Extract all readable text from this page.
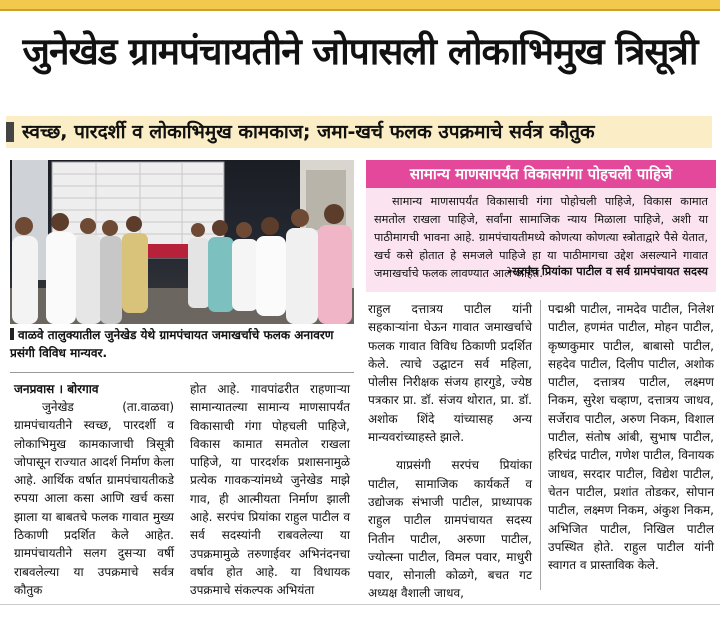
जुनेखेड ग्रामपंचायतीने जोपासली लोकाभिमुख त्रिसूत्री
स्वच्छ, पारदर्शी व लोकाभिमुख कामकाज; जमा-खर्च फलक उपक्रमाचे सर्वत्र कौतुक
वाळवे तालुक्यातील जुनेखेड येथे ग्रामपंचायत जमाखर्चाचे फलक अनावरण प्रसंगी विविध मान्यवर.
जनप्रवास । बोरगाव

जुनेखेड (ता.वाळवा) ग्रामपंचायतीने स्वच्छ, पारदर्शी व लोकाभिमुख कामकाजाची त्रिसूत्री जोपासून राज्यात आदर्श निर्माण केला आहे. आर्थिक वर्षात ग्रामपंचायतीकडे रुपया आला कसा आणि खर्च कसा झाला या बाबतचे फलक गावात मुख्य ठिकाणी प्रदर्शित केले आहेत. ग्रामपंचायतीने सलग दुसऱ्या वर्षी राबवलेल्या या उपक्रमाचे सर्वत्र कौतुक

होत आहे. गावपांढरीत राहणाऱ्या सामान्यातल्या सामान्य माणसापर्यंत विकासाची गंगा पोहचली पाहिजे, विकास कामात समतोल राखला पाहिजे, या पारदर्शक प्रशासनामुळे प्रत्येक गावकऱ्यांमध्ये जुनेखेड माझे गाव, ही आत्मीयता निर्माण झाली आहे. सरपंच प्रियांका राहुल पाटील व सर्व सदस्यांनी राबवलेल्या या उपक्रमामुळे तरुणाईवर अभिनंदनचा वर्षाव होत आहे. या विधायक उपक्रमाचे संकल्पक अभियंता

सामान्य माणसापर्यंत विकासगंगा पोहचली पाहिजे
सामान्य माणसापर्यंत विकासाची गंगा पोहोचली पाहिजे, विकास कामात समतोल राखला पाहिजे, सर्वांना सामाजिक न्याय मिळाला पाहिजे, अशी या पाठीमागची भावना आहे. ग्रामपंचायतीमध्ये कोणत्या कोणत्या स्त्रोताद्वारे पैसे येतात, खर्च कसे होतात हे समजले पाहिजे हा या पाठीमागचा उद्देश असल्याने गावात जमाखर्चाचे फलक लावण्यात आले आहेत.
-सरपंच प्रियांका पाटील व सर्व ग्रामपंचायत सदस्य

राहुल दत्तात्रय पाटील यांनी सहकाऱ्यांना घेऊन गावात जमाखर्चाचे फलक गावात विविध ठिकाणी प्रदर्शित केले. त्याचे उद्घाटन सर्व महिला, पोलीस निरीक्षक संजय हारगुडे, ज्येष्ठ पत्रकार प्रा. डॉ. संजय थोरात, प्रा. डॉ. अशोक शिंदे यांच्यासह अन्य मान्यवरांच्याहस्ते झाले.

याप्रसंगी सरपंच प्रियांका पाटील, सामाजिक कार्यकर्ते व उद्योजक संभाजी पाटील, प्राध्यापक राहुल पाटील ग्रामपंचायत सदस्य नितीन पाटील, अरुणा पाटील, ज्योत्स्ना पाटील, विमल पवार, माधुरी पवार, सोनाली कोळगे, बचत गट अध्यक्ष वैशाली जाधव,

पद्मश्री पाटील, नामदेव पाटील, निलेश पाटील, हणमंत पाटील, मोहन पाटील, कृष्णकुमार पाटील, बाबासो पाटील, सहदेव पाटील, दिलीप पाटील, अशोक पाटील, दत्तात्रय पाटील, लक्ष्मण निकम, सुरेश चव्हाण, दत्तात्रय जाधव, सर्जेराव पाटील, अरुण निकम, विशाल पाटील, संतोष आंबी, सुभाष पाटील, हरिचंद्र पाटील, गणेश पाटील, विनायक जाधव, सरदार पाटील, विद्येश पाटील, चेतन पाटील, प्रशांत तोडकर, सोपान पाटील, लक्ष्मण निकम, अंकुश निकम, अभिजित पाटील, निखिल पाटील उपस्थित होते. राहुल पाटील यांनी स्वागत व प्रास्ताविक केले.
